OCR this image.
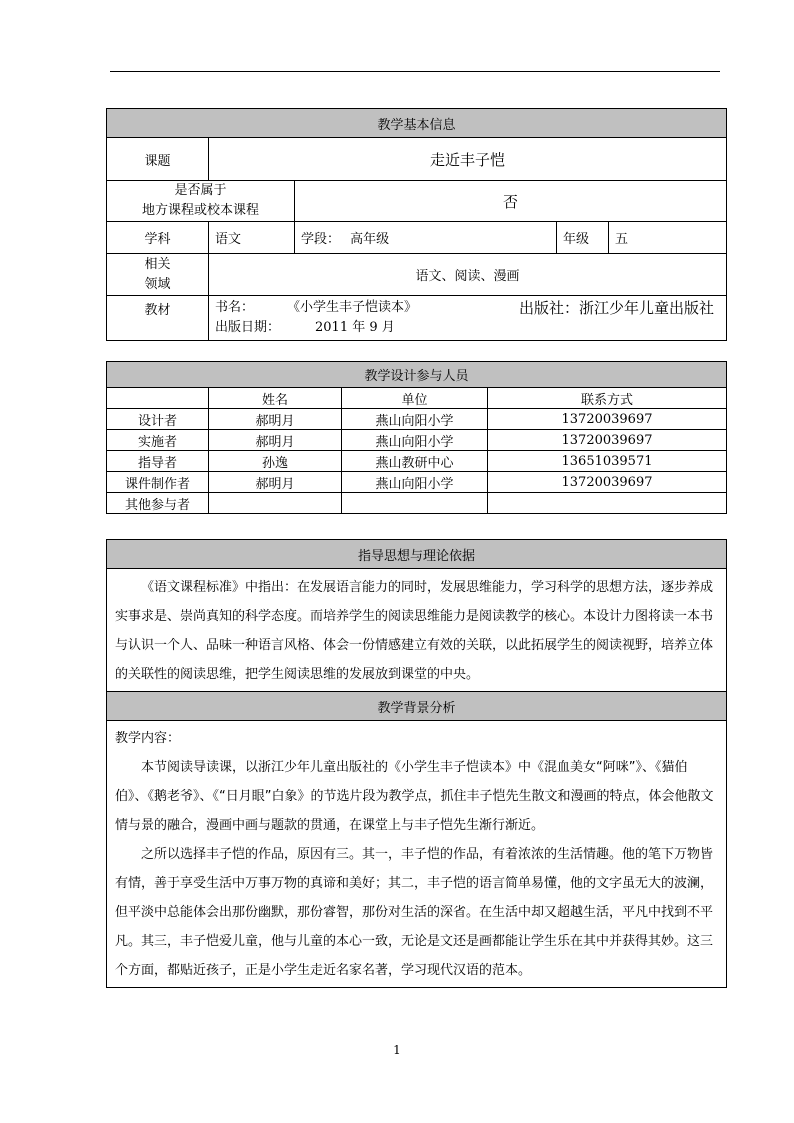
教学基本信息				
课题	走近丰子恺			

是否属于
地方课程或校本课程		否		
学科	语文	学段： 高年级	年级	五

相关
领域	语文、阅读、漫画			
教材	书名： 《小学生丰子恺读本》 出版社：浙江少年儿童出版社
出版日期： 2011 年 9 月			
教学设计参与人员			
	姓名	单位	联系方式
设计者	郝明月	燕山向阳小学	13720039697
实施者	郝明月	燕山向阳小学	13720039697
指导者	孙逸	燕山教研中心	13651039571
课件制作者	郝明月	燕山向阳小学	13720039697
其他参与者			
指导思想与理论依据

《语文课程标准》中指出：在发展语言能力的同时，发展思维能力，学习科学的思想方法，逐步养成实事求是、崇尚真知的科学态度。而培养学生的阅读思维能力是阅读教学的核心。本设计力图将读一本书与认识一个人、品味一种语言风格、体会一份情感建立有效的关联，以此拓展学生的阅读视野，培养立体的关联性的阅读思维，把学生阅读思维的发展放到课堂的中央。

教学背景分析

教学内容：
本节阅读导读课，以浙江少年儿童出版社的《小学生丰子恺读本》中《混血美女“阿咪”》、《猫伯伯》、《鹅老爷》、《“日月眼”白象》的节选片段为教学点，抓住丰子恺先生散文和漫画的特点，体会他散文情与景的融合，漫画中画与题款的贯通，在课堂上与丰子恺先生渐行渐近。
之所以选择丰子恺的作品，原因有三。其一，丰子恺的作品，有着浓浓的生活情趣。他的笔下万物皆有情，善于享受生活中万事万物的真谛和美好；其二，丰子恺的语言简单易懂，他的文字虽无大的波澜，但平淡中总能体会出那份幽默，那份睿智，那份对生活的深省。在生活中却又超越生活，平凡中找到不平凡。其三，丰子恺爱儿童，他与儿童的本心一致，无论是文还是画都能让学生乐在其中并获得其妙。这三个方面，都贴近孩子，正是小学生走近名家名著，学习现代汉语的范本。
1
